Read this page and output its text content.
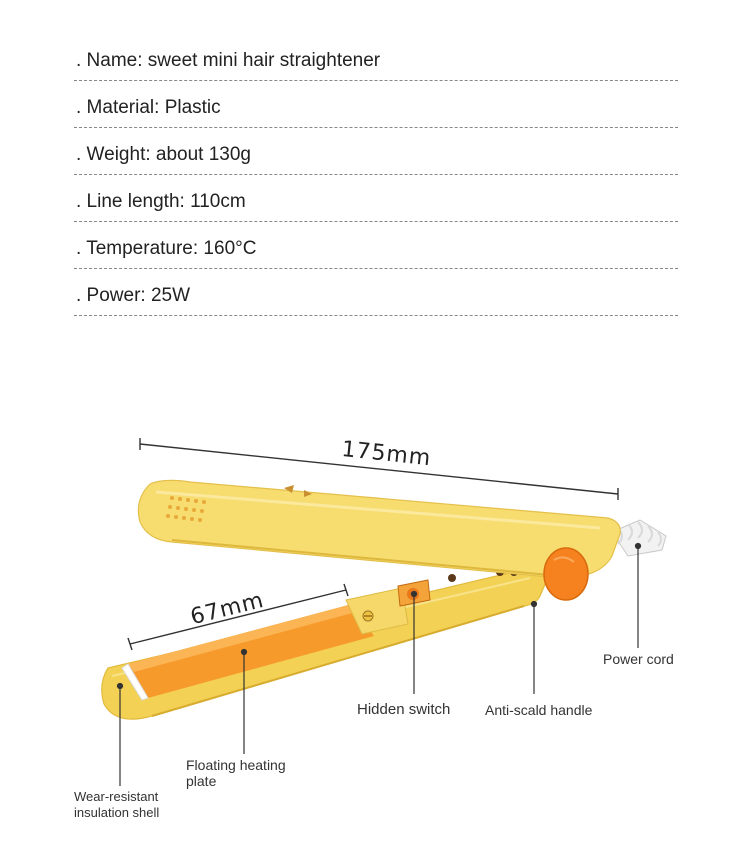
. Name: sweet mini hair straightener
. Material: Plastic
. Weight: about 130g
. Line length: 110cm
. Temperature: 160°C
. Power: 25W
175mm
67mm
Power cord
Hidden switch Anti-scald handle
Floating heating
plate
Wear-resistant
insulation shell
